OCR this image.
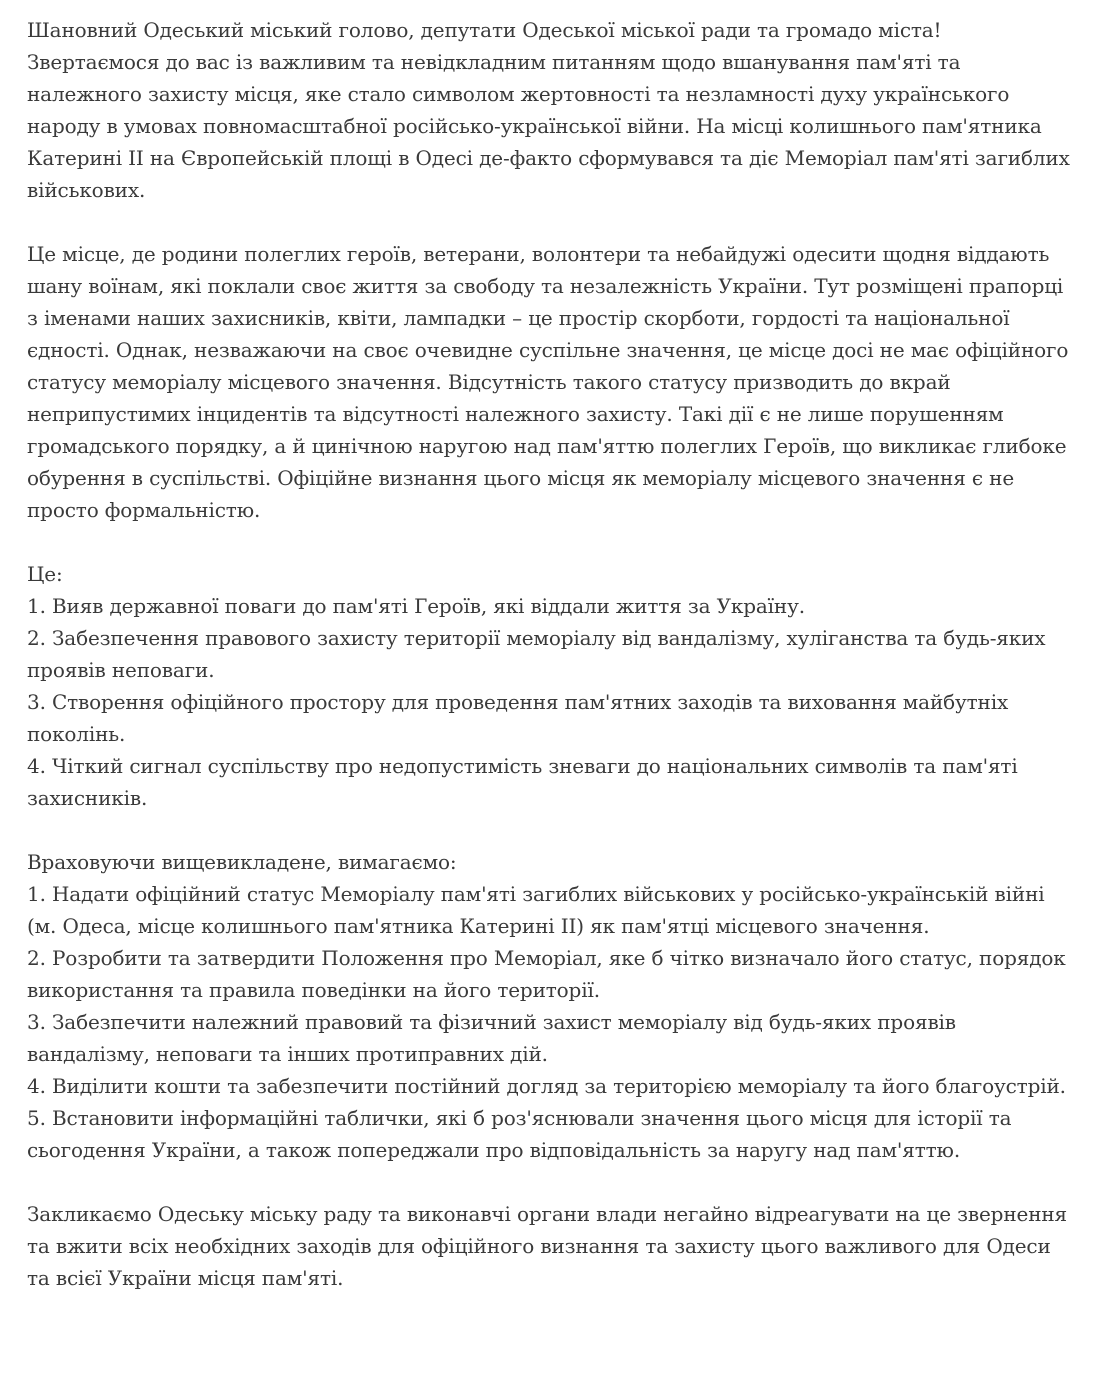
Шановний Одеський міський голово, депутати Одеської міської ради та громадо міста! Звертаємося до вас із важливим та невідкладним питанням щодо вшанування пам'яті та належного захисту місця, яке стало символом жертовності та незламності духу українського народу в умовах повномасштабної російсько-української війни. На місці колишнього пам'ятника Катерині II на Європейській площі в Одесі де-факто сформувався та діє Меморіал пам'яті загиблих військових.

Це місце, де родини полеглих героїв, ветерани, волонтери та небайдужі одесити щодня віддають шану воїнам, які поклали своє життя за свободу та незалежність України. Тут розміщені прапорці з іменами наших захисників, квіти, лампадки – це простір скорботи, гордості та національної єдності. Однак, незважаючи на своє очевидне суспільне значення, це місце досі не має офіційного статусу меморіалу місцевого значення. Відсутність такого статусу призводить до вкрай неприпустимих інцидентів та відсутності належного захисту. Такі дії є не лише порушенням громадського порядку, а й цинічною наругою над пам'яттю полеглих Героїв, що викликає глибоке обурення в суспільстві. Офіційне визнання цього місця як меморіалу місцевого значення є не просто формальністю.

Це:
1. Вияв державної поваги до пам'яті Героїв, які віддали життя за Україну.
2. Забезпечення правового захисту території меморіалу від вандалізму, хуліганства та будь-яких проявів неповаги.
3. Створення офіційного простору для проведення пам'ятних заходів та виховання майбутніх поколінь.
4. Чіткий сигнал суспільству про недопустимість зневаги до національних символів та пам'яті захисників.
Враховуючи вищевикладене, вимагаємо:
1. Надати офіційний статус Меморіалу пам'яті загиблих військових у російсько-українській війні (м. Одеса, місце колишнього пам'ятника Катерині II) як пам'ятці місцевого значення.
2. Розробити та затвердити Положення про Меморіал, яке б чітко визначало його статус, порядок використання та правила поведінки на його території.
3. Забезпечити належний правовий та фізичний захист меморіалу від будь-яких проявів вандалізму, неповаги та інших протиправних дій.
4. Виділити кошти та забезпечити постійний догляд за територією меморіалу та його благоустрій.
5. Встановити інформаційні таблички, які б роз'яснювали значення цього місця для історії та сьогодення України, а також попереджали про відповідальність за наругу над пам'яттю.

Закликаємо Одеську міську раду та виконавчі органи влади негайно відреагувати на це звернення та вжити всіх необхідних заходів для офіційного визнання та захисту цього важливого для Одеси та всієї України місця пам'яті.
